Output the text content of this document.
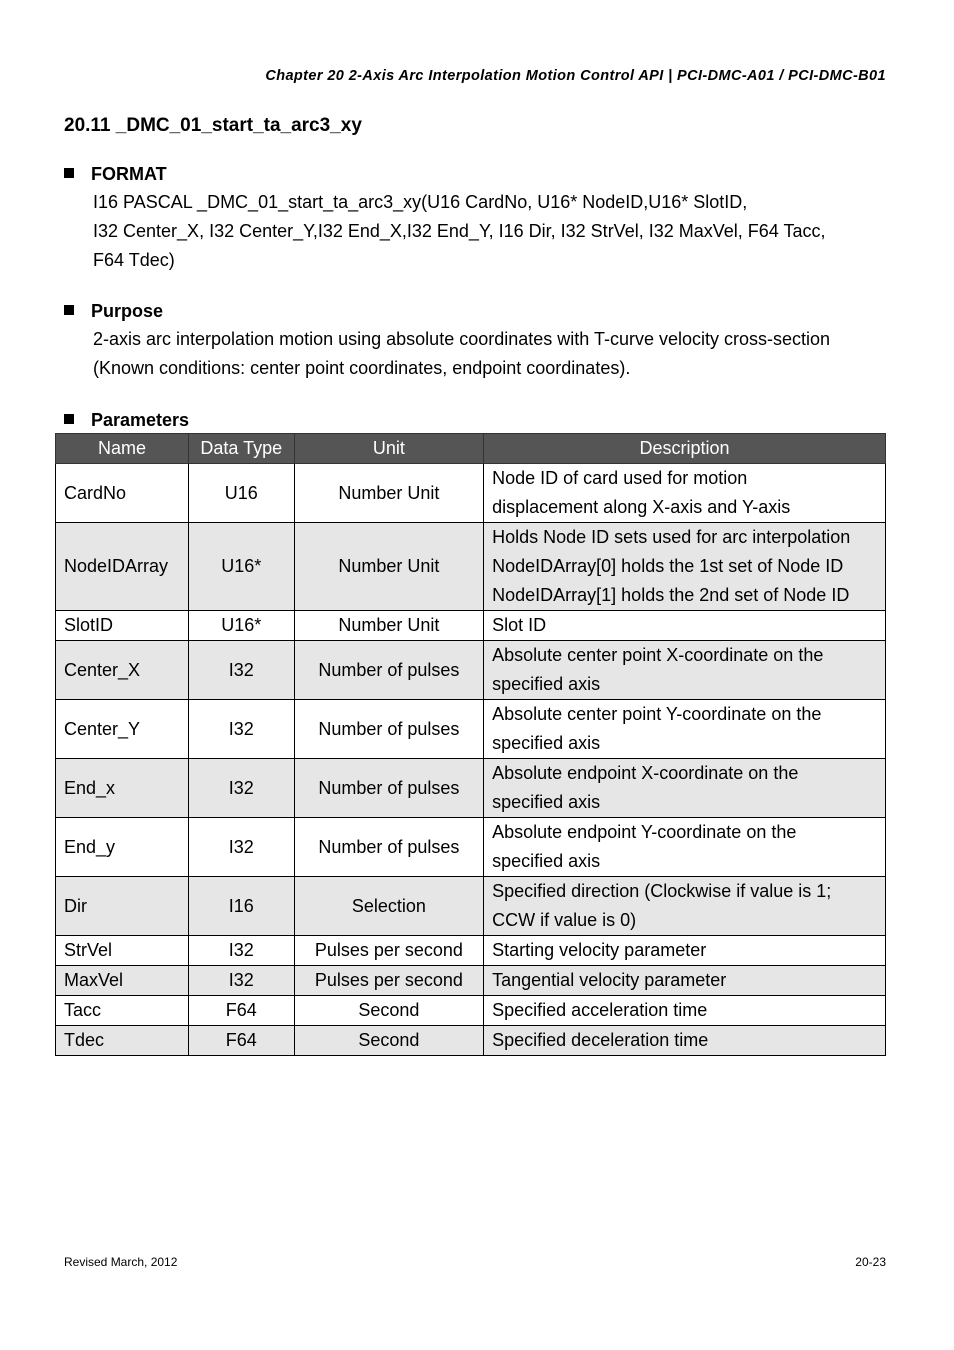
Chapter 20 2-Axis Arc Interpolation Motion Control API | PCI-DMC-A01 / PCI-DMC-B01
20.11 _DMC_01_start_ta_arc3_xy
FORMAT
I16 PASCAL _DMC_01_start_ta_arc3_xy(U16 CardNo, U16* NodeID,U16* SlotID,
I32 Center_X, I32 Center_Y,I32 End_X,I32 End_Y, I16 Dir, I32 StrVel, I32 MaxVel, F64 Tacc,
F64 Tdec)
Purpose
2-axis arc interpolation motion using absolute coordinates with T-curve velocity cross-section
(Known conditions: center point coordinates, endpoint coordinates).
Parameters
Name	Data Type	Unit	Description
CardNo	U16	Number Unit	Node ID of card used for motion
displacement along X-axis and Y-axis

NodeIDArray	U16*	Number Unit	Holds Node ID sets used for arc interpolation
NodeIDArray[0] holds the 1st set of Node ID
NodeIDArray[1] holds the 2nd set of Node ID

SlotID	U16*	Number Unit	Slot ID

Center_X	I32	Number of pulses	Absolute center point X-coordinate on the
specified axis

Center_Y	I32	Number of pulses	Absolute center point Y-coordinate on the
specified axis

End_x	I32	Number of pulses	Absolute endpoint X-coordinate on the
specified axis

End_y	I32	Number of pulses	Absolute endpoint Y-coordinate on the
specified axis

Dir	I16	Selection	Specified direction (Clockwise if value is 1;
CCW if value is 0)

StrVel	I32	Pulses per second	Starting velocity parameter

MaxVel	I32	Pulses per second	Tangential velocity parameter

Tacc	F64	Second	Specified acceleration time

Tdec	F64	Second	Specified deceleration time
Revised March, 2012	20-23
